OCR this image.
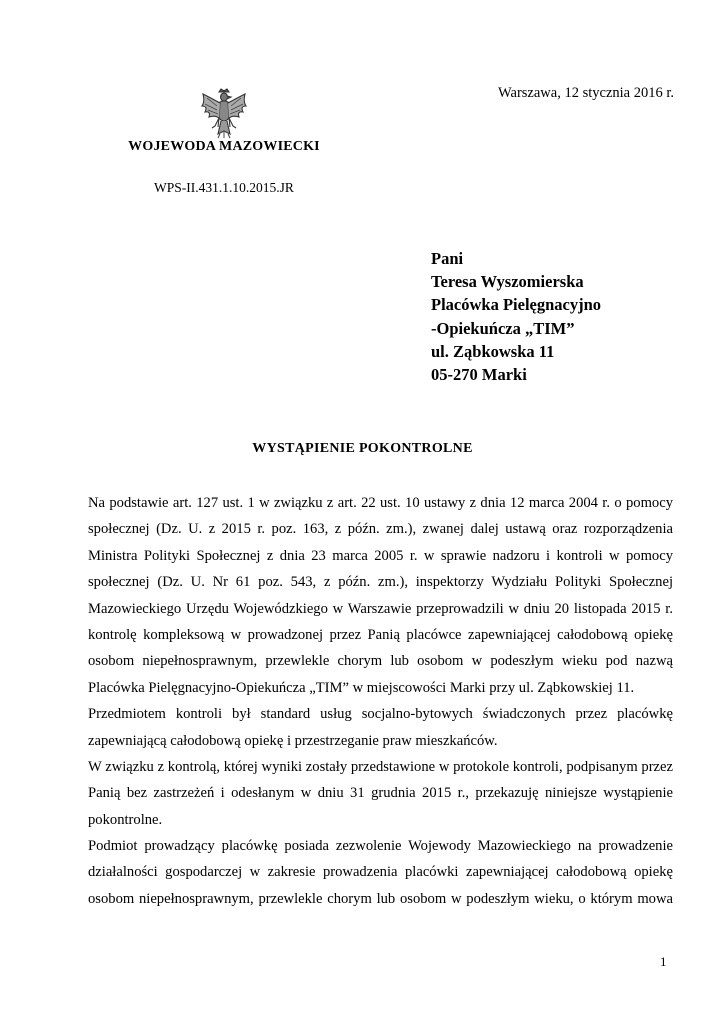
Warszawa, 12 stycznia 2016 r.
WOJEWODA MAZOWIECKI
WPS-II.431.1.10.2015.JR
Pani
Teresa Wyszomierska
Placówka Pielęgnacyjno
-Opiekuńcza „TIM”
ul. Ząbkowska 11
05-270 Marki
WYSTĄPIENIE POKONTROLNE
Na podstawie art. 127 ust. 1 w związku z art. 22 ust. 10 ustawy z dnia 12 marca 2004 r. o pomocy
społecznej (Dz. U. z 2015 r. poz. 163, z późn. zm.), zwanej dalej ustawą oraz rozporządzenia
Ministra Polityki Społecznej z dnia 23 marca 2005 r. w sprawie nadzoru i kontroli w pomocy
społecznej (Dz. U. Nr 61 poz. 543, z późn. zm.), inspektorzy Wydziału Polityki Społecznej
Mazowieckiego Urzędu Wojewódzkiego w Warszawie przeprowadzili w dniu 20 listopada 2015 r.
kontrolę kompleksową w prowadzonej przez Panią placówce zapewniającej całodobową opiekę
osobom niepełnosprawnym, przewlekle chorym lub osobom w podeszłym wieku pod nazwą
Placówka Pielęgnacyjno-Opiekuńcza „TIM” w miejscowości Marki przy ul. Ząbkowskiej 11.
Przedmiotem kontroli był standard usług socjalno-bytowych świadczonych przez placówkę
zapewniającą całodobową opiekę i przestrzeganie praw mieszkańców.
W związku z kontrolą, której wyniki zostały przedstawione w protokole kontroli, podpisanym przez
Panią bez zastrzeżeń i odesłanym w dniu 31 grudnia 2015 r., przekazuję niniejsze wystąpienie
pokontrolne.
Podmiot prowadzący placówkę posiada zezwolenie Wojewody Mazowieckiego na prowadzenie
działalności gospodarczej w zakresie prowadzenia placówki zapewniającej całodobową opiekę
osobom niepełnosprawnym, przewlekle chorym lub osobom w podeszłym wieku, o którym mowa
1
